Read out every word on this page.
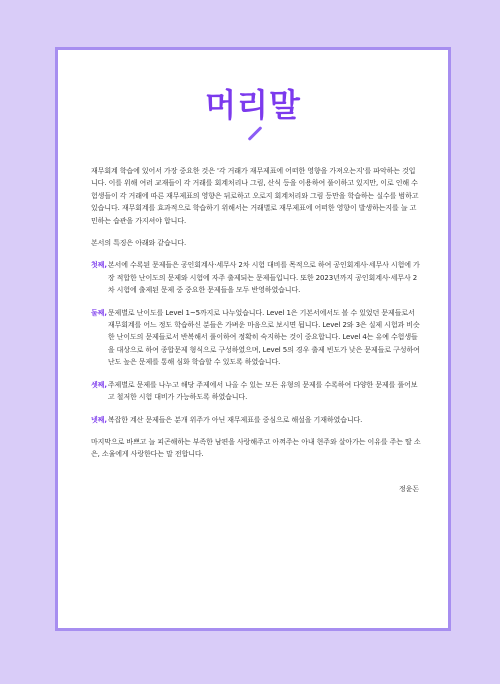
머리말

재무회계 학습에 있어서 가장 중요한 것은 '각 거래가 재무제표에 어떠한 영향을 가져오는지'를 파악하는 것입니다. 이를 위해 여러 교재들이 각 거래를 회계처리나 그림, 산식 등을 이용하여 풀이하고 있지만, 이로 인해 수험생들이 각 거래에 따른 재무제표의 영향은 뒤로하고 오로지 회계처리와 그림 등만을 학습하는 실수를 범하고 있습니다. 재무회계를 효과적으로 학습하기 위해서는 거래별로 재무제표에 어떠한 영향이 발생하는지를 늘 고민하는 습관을 가지셔야 합니다.

본서의 특징은 아래와 같습니다.

첫째, 본서에 수록된 문제들은 공인회계사·세무사 2차 시험 대비를 목적으로 하여 공인회계사·세무사 시험에 가장 적합한 난이도의 문제와 시험에 자주 출제되는 문제들입니다. 또한 2023년까지 공인회계사·세무사 2차 시험에 출제된 문제 중 중요한 문제들을 모두 반영하였습니다.
둘째, 문제별로 난이도를 Level 1~5까지로 나누었습니다. Level 1은 기본서에서도 볼 수 있었던 문제들로서 재무회계를 어느 정도 학습하신 분들은 가벼운 마음으로 보시면 됩니다. Level 2와 3은 실제 시험과 비슷한 난이도의 문제들로서 반복해서 풀이하여 정확히 숙지하는 것이 중요합니다. Level 4는 유예 수험생들을 대상으로 하여 종합문제 형식으로 구성하였으며, Level 5의 경우 출제 빈도가 낮은 문제들로 구성하여 난도 높은 문제를 통해 심화 학습할 수 있도록 하였습니다.
셋째, 주제별로 문제를 나누고 해당 주제에서 나올 수 있는 모든 유형의 문제를 수록하여 다양한 문제를 풀어보고 철저한 시험 대비가 가능하도록 하였습니다.
넷째, 복잡한 계산 문제들은 분개 위주가 아닌 재무제표를 중심으로 해설을 기재하였습니다.

마지막으로 바쁘고 늘 피곤해하는 부족한 남편을 사랑해주고 아껴주는 아내 현주와 살아가는 이유를 주는 딸 소은, 소율에게 사랑한다는 말 전합니다.

정윤돈
